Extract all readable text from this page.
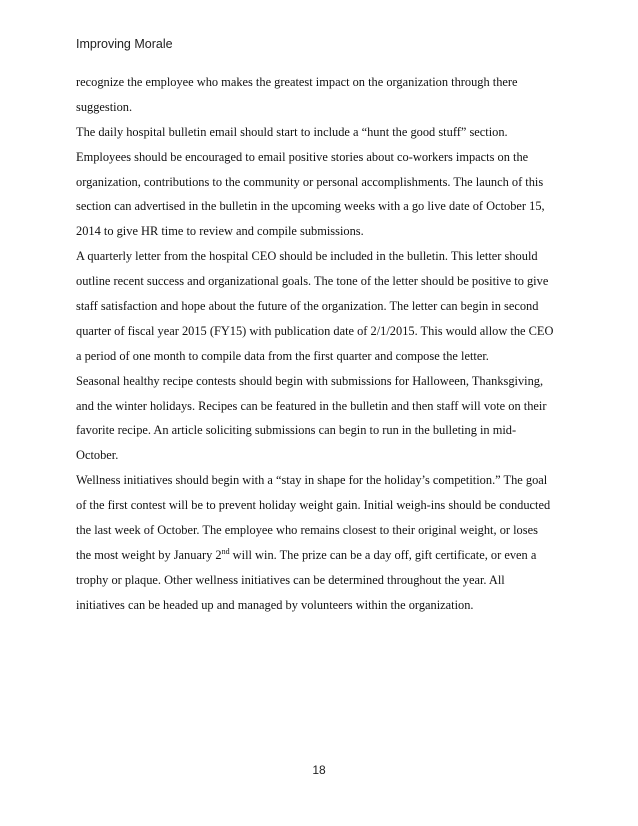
Improving Morale
recognize the employee who makes the greatest impact on the organization through there
suggestion.
The daily hospital bulletin email should start to include a “hunt the good stuff” section.
Employees should be encouraged to email positive stories about co-workers impacts on the
organization, contributions to the community or personal accomplishments. The launch of this
section can advertised in the bulletin in the upcoming weeks with a go live date of October 15,
2014 to give HR time to review and compile submissions.
A quarterly letter from the hospital CEO should be included in the bulletin. This letter should
outline recent success and organizational goals. The tone of the letter should be positive to give
staff satisfaction and hope about the future of the organization. The letter can begin in second
quarter of fiscal year 2015 (FY15) with publication date of 2/1/2015. This would allow the CEO
a period of one month to compile data from the first quarter and compose the letter.
Seasonal healthy recipe contests should begin with submissions for Halloween, Thanksgiving,
and the winter holidays. Recipes can be featured in the bulletin and then staff will vote on their
favorite recipe. An article soliciting submissions can begin to run in the bulleting in mid-
October.
Wellness initiatives should begin with a “stay in shape for the holiday’s competition.” The goal
of the first contest will be to prevent holiday weight gain. Initial weigh-ins should be conducted
the last week of October. The employee who remains closest to their original weight, or loses
the most weight by January 2nd will win. The prize can be a day off, gift certificate, or even a
trophy or plaque. Other wellness initiatives can be determined throughout the year. All
initiatives can be headed up and managed by volunteers within the organization.
18
